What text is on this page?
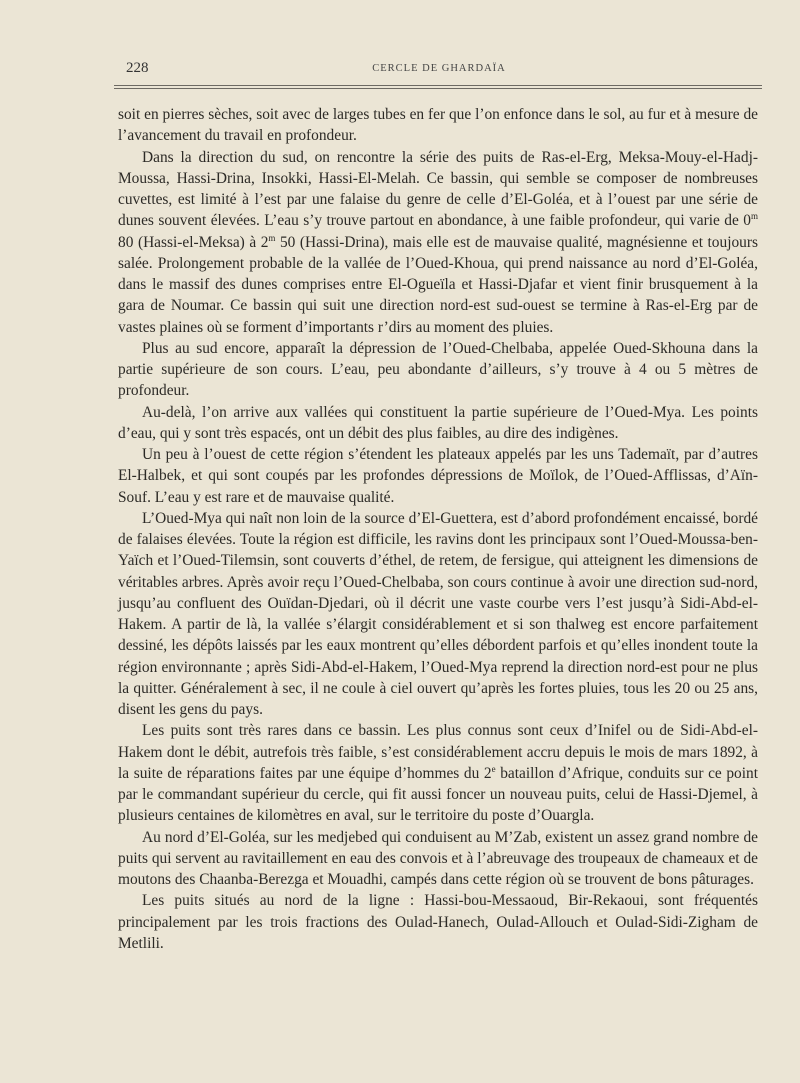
228	CERCLE DE GHARDAÏA

soit en pierres sèches, soit avec de larges tubes en fer que l’on enfonce dans le sol, au fur et à mesure de l’avancement du travail en profondeur.

Dans la direction du sud, on rencontre la série des puits de Ras-el-Erg, Meksa-Mouy-el-Hadj-Moussa, Hassi-Drina, Insokki, Hassi-El-Melah. Ce bassin, qui semble se composer de nombreuses cuvettes, est limité à l’est par une falaise du genre de celle d’El-Goléa, et à l’ouest par une série de dunes souvent élevées. L’eau s’y trouve partout en abondance, à une faible profondeur, qui varie de 0$^m$ 80 (Hassi-el-Meksa) à 2$^m$ 50 (Hassi-Drina), mais elle est de mauvaise qualité, magnésienne et toujours salée. Prolongement probable de la vallée de l’Oued-Khoua, qui prend naissance au nord d’El-Goléa, dans le massif des dunes comprises entre El-Ogueïla et Hassi-Djafar et vient finir brusquement à la gara de Noumar. Ce bassin qui suit une direction nord-est sud-ouest se termine à Ras-el-Erg par de vastes plaines où se forment d’importants r’dirs au moment des pluies.

Plus au sud encore, apparaît la dépression de l’Oued-Chelbaba, appelée Oued-Skhouna dans la partie supérieure de son cours. L’eau, peu abondante d’ailleurs, s’y trouve à 4 ou 5 mètres de profondeur.

Au-delà, l’on arrive aux vallées qui constituent la partie supérieure de l’Oued-Mya. Les points d’eau, qui y sont très espacés, ont un débit des plus faibles, au dire des indigènes.

Un peu à l’ouest de cette région s’étendent les plateaux appelés par les uns Tademaït, par d’autres El-Halbek, et qui sont coupés par les profondes dépressions de Moïlok, de l’Oued-Afflissas, d’Aïn-Souf. L’eau y est rare et de mauvaise qualité.

L’Oued-Mya qui naît non loin de la source d’El-Guettera, est d’abord profondément encaissé, bordé de falaises élevées. Toute la région est difficile, les ravins dont les principaux sont l’Oued-Moussa-ben-Yaïch et l’Oued-Tilemsin, sont couverts d’éthel, de retem, de fersigue, qui atteignent les dimensions de véritables arbres. Après avoir reçu l’Oued-Chelbaba, son cours continue à avoir une direction sud-nord, jusqu’au confluent des Ouïdan-Djedari, où il décrit une vaste courbe vers l’est jusqu’à Sidi-Abd-el-Hakem. A partir de là, la vallée s’élargit considérablement et si son thalweg est encore parfaitement dessiné, les dépôts laissés par les eaux montrent qu’elles débordent parfois et qu’elles inondent toute la région environnante ; après Sidi-Abd-el-Hakem, l’Oued-Mya reprend la direction nord-est pour ne plus la quitter. Généralement à sec, il ne coule à ciel ouvert qu’après les fortes pluies, tous les 20 ou 25 ans, disent les gens du pays.

Les puits sont très rares dans ce bassin. Les plus connus sont ceux d’Inifel ou de Sidi-Abd-el-Hakem dont le débit, autrefois très faible, s’est considérablement accru depuis le mois de mars 1892, à la suite de réparations faites par une équipe d’hommes du 2e bataillon d’Afrique, conduits sur ce point par le commandant supérieur du cercle, qui fit aussi foncer un nouveau puits, celui de Hassi-Djemel, à plusieurs centaines de kilomètres en aval, sur le territoire du poste d’Ouargla.

Au nord d’El-Goléa, sur les medjebed qui conduisent au M’Zab, existent un assez grand nombre de puits qui servent au ravitaillement en eau des convois et à l’abreuvage des troupeaux de chameaux et de moutons des Chaanba-Berezga et Mouadhi, campés dans cette région où se trouvent de bons pâturages.

Les puits situés au nord de la ligne : Hassi-bou-Messaoud, Bir-Rekaoui, sont fréquentés principalement par les trois fractions des Oulad-Hanech, Oulad-Allouch et Oulad-Sidi-Zigham de Metlili.
